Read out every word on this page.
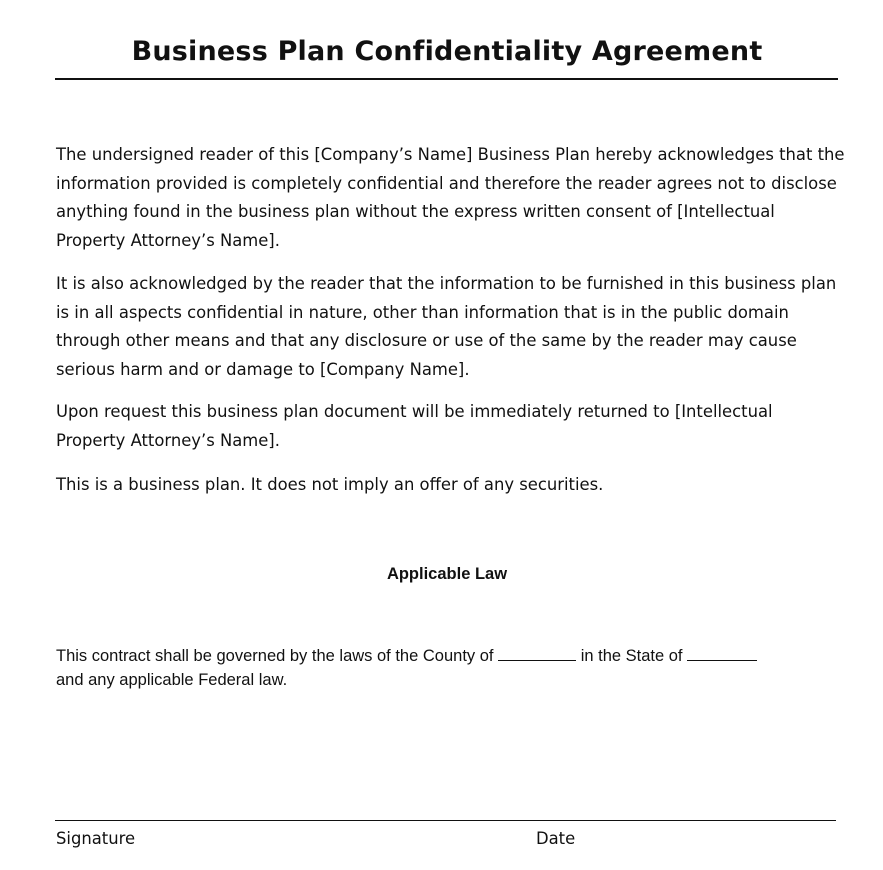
Business Plan Confidentiality Agreement

The undersigned reader of this [Company’s Name] Business Plan hereby acknowledges that the information provided is completely confidential and therefore the reader agrees not to disclose anything found in the business plan without the express written consent of [Intellectual Property Attorney’s Name].

It is also acknowledged by the reader that the information to be furnished in this business plan is in all aspects confidential in nature, other than information that is in the public domain through other means and that any disclosure or use of the same by the reader may cause serious harm and or damage to [Company Name].

Upon request this business plan document will be immediately returned to [Intellectual Property Attorney’s Name].

This is a business plan. It does not imply an offer of any securities.

Applicable Law

This contract shall be governed by the laws of the County of	in the State of
and any applicable Federal law.

Signature	Date
